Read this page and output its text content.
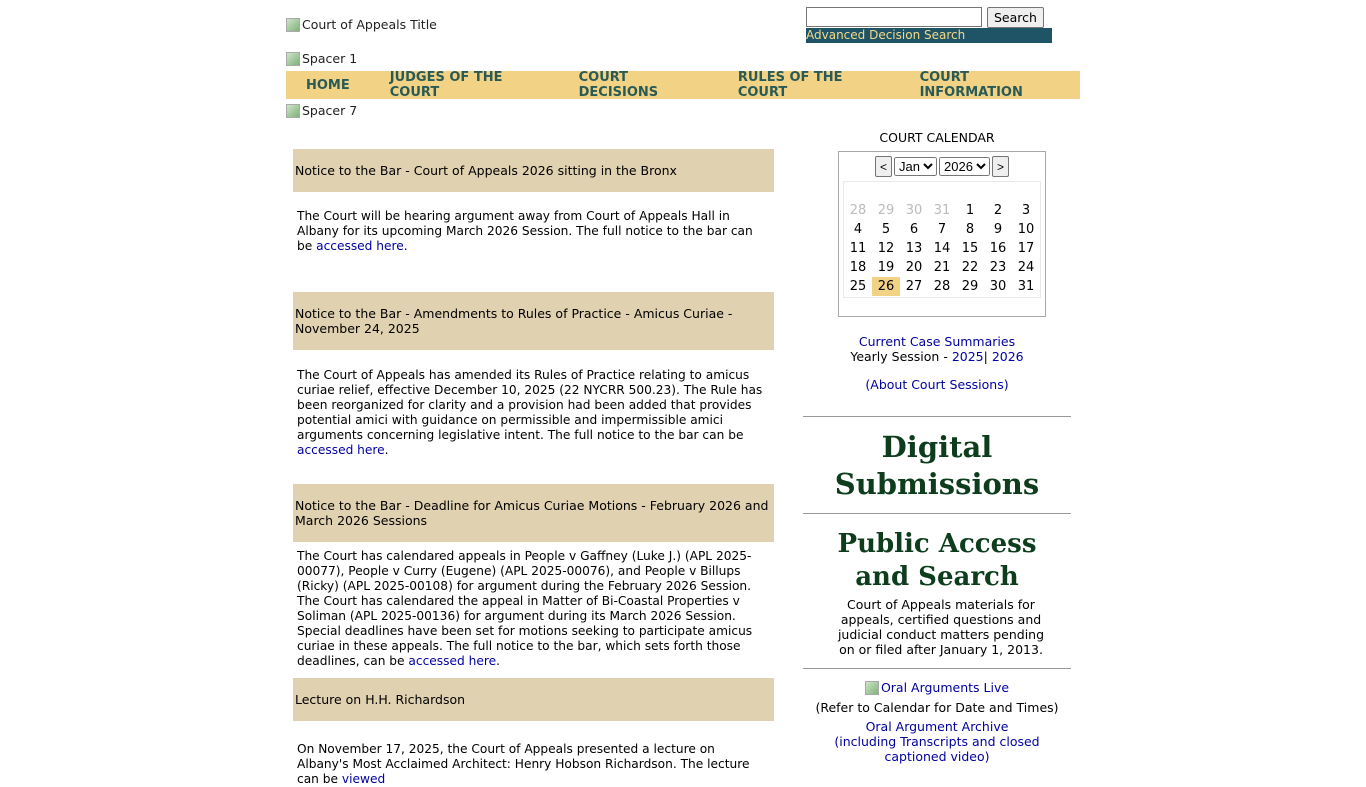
Court of Appeals Title	Search
Advanced Decision Search
Spacer 1
HOME	JUDGES OF THE COURT
COURT DECISIONS
RULES OF THE COURT
COURT INFORMATION
Spacer 7
Notice to the Bar - Court of Appeals 2026 sitting in the Bronx
The Court will be hearing argument away from Court of Appeals Hall in Albany for its upcoming March 2026 Session. The full notice to the bar can be accessed here.
Notice to the Bar - Amendments to Rules of Practice - Amicus Curiae - November 24, 2025
The Court of Appeals has amended its Rules of Practice relating to amicus curiae relief, effective December 10, 2025 (22 NYCRR 500.23). The Rule has been reorganized for clarity and a provision had been added that provides potential amici with guidance on permissible and impermissible amici arguments concerning legislative intent. The full notice to the bar can be accessed here.
Notice to the Bar - Deadline for Amicus Curiae Motions - February 2026 and March 2026 Sessions
The Court has calendared appeals in People v Gaffney (Luke J.) (APL 2025-00077), People v Curry (Eugene) (APL 2025-00076), and People v Billups (Ricky) (APL 2025-00108) for argument during the February 2026 Session. The Court has calendared the appeal in Matter of Bi-Coastal Properties v Soliman (APL 2025-00136) for argument during its March 2026 Session. Special deadlines have been set for motions seeking to participate amicus curiae in these appeals. The full notice to the bar, which sets forth those deadlines, can be accessed here.
Lecture on H.H. Richardson
On November 17, 2025, the Court of Appeals presented a lecture on Albany's Most Acclaimed Architect: Henry Hobson Richardson. The lecture can be viewed
COURT CALENDAR
<
Jan
2026	>
28 29 30 31	1	2	3
4	5	6	7	8	9	10
11 12 13 14 15 16 17
18 19 20 21 22 23 24
25 26 27 28 29 30 31
Current Case Summaries
Yearly Session - 2025| 2026
(About Court Sessions)
Digital
Submissions
Public Access
and Search
Court of Appeals materials for appeals, certified questions and judicial conduct matters pending on or filed after January 1, 2013.
Oral Arguments Live
(Refer to Calendar for Date and Times)
Oral Argument Archive
(including Transcripts and closed captioned video)
